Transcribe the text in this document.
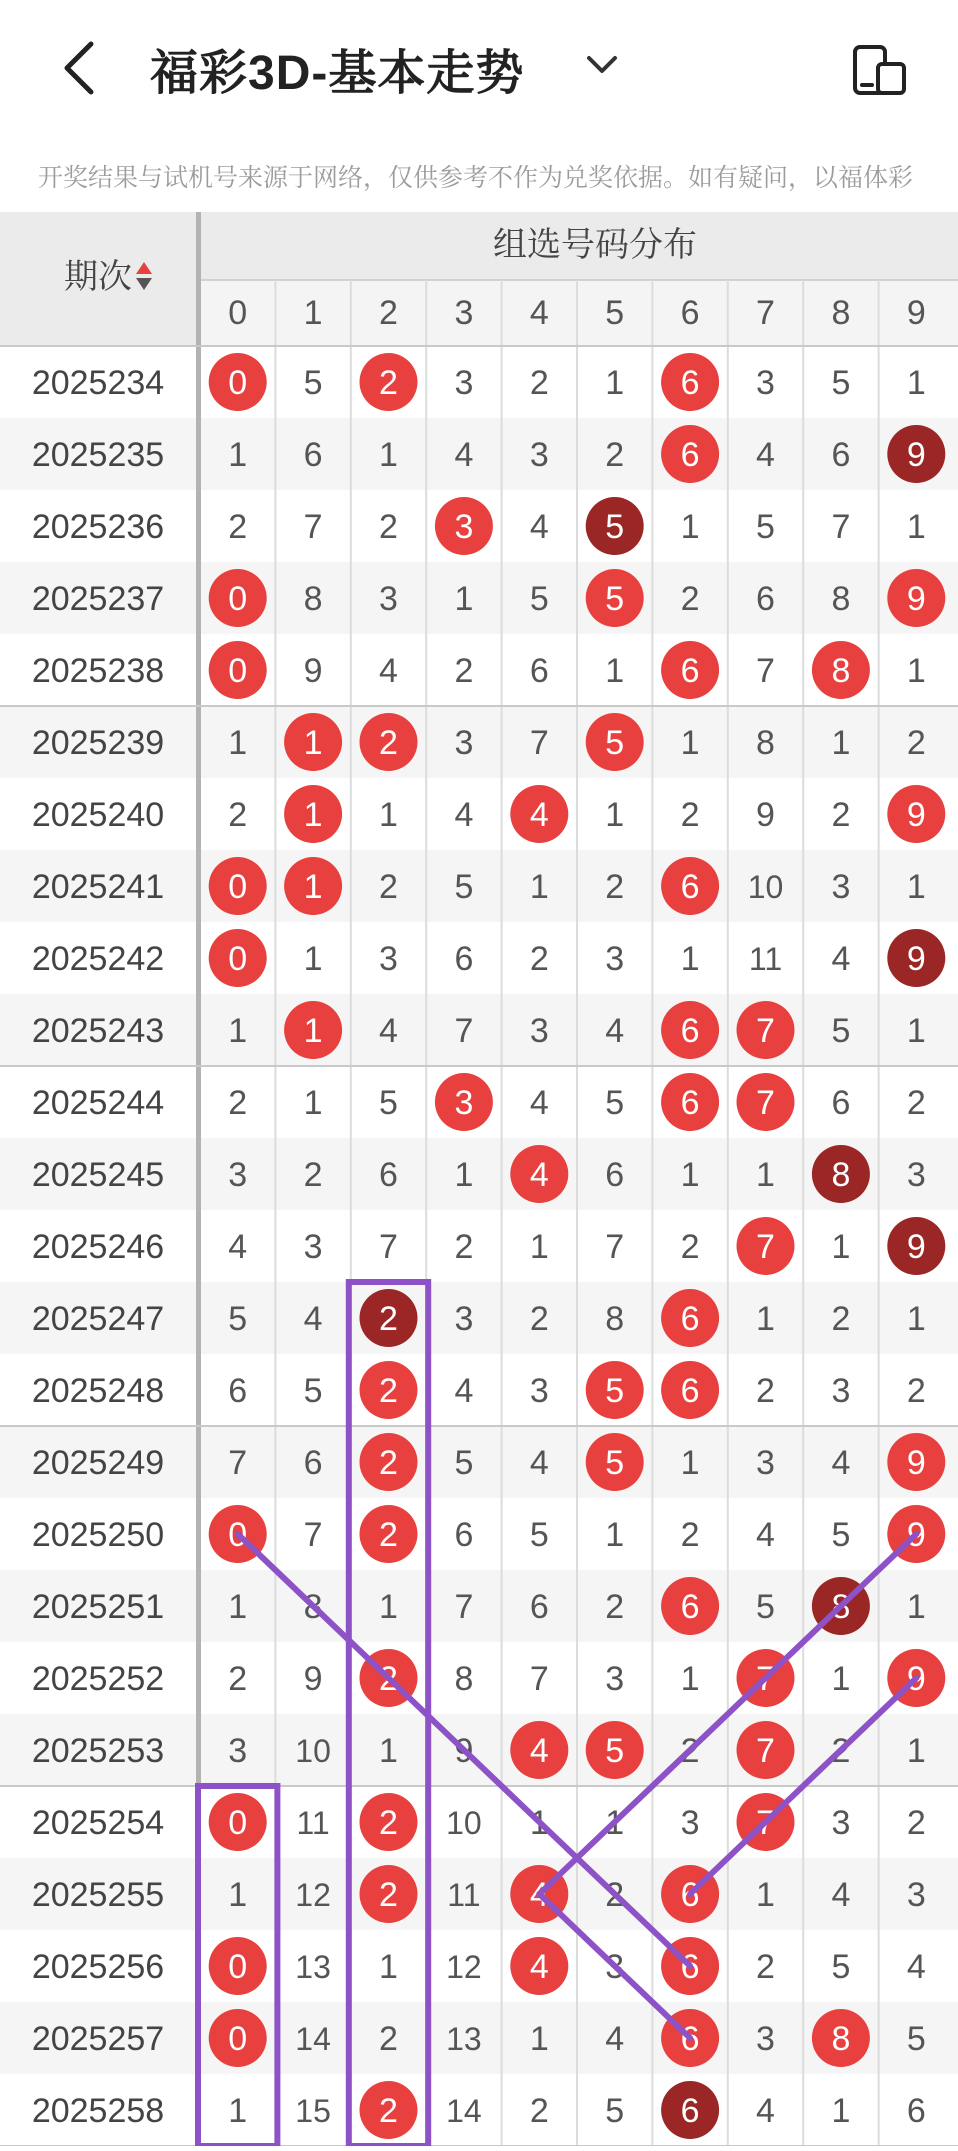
福彩3D-基本走势
开奖结果与试机号来源于网络，仅供参考不作为兑奖依据。如有疑问，以福体彩
期次
组选号码分布
0 1 2 3 4 5 6 7 8 9
2025234 0 5 2 3 2 1 6 3 5 1
2025235 1 6 1 4 3 2 6 4 6 9
2025236 2 7 2 3 4 5 1 5 7 1
2025237 0 8 3 1 5 5 2 6 8 9
2025238 0 9 4 2 6 1 6 7 8 1
2025239 1 1 2 3 7 5 1 8 1 2
2025240 2 1 1 4 4 1 2 9 2 9
2025241 0 1 2 5 1 2 6 10 3 1
2025242 0 1 3 6 2 3 1 11 4 9
2025243 1 1 4 7 3 4 6 7 5 1
2025244 2 1 5 3 4 5 6 7 6 2
2025245 3 2 6 1 4 6 1 1 8 3
2025246 4 3 7 2 1 7 2 7 1 9
2025247 5 4 2 3 2 8 6 1 2 1
2025248 6 5 2 4 3 5 6 2 3 2
2025249 7 6 2 5 4 5 1 3 4 9
2025250 0 7 2 6 5 1 2 4 5 9
2025251 1 8 1 7 6 2 6 5 8 1
2025252 2 9 2 8 7 3 1 7 1 9
2025253 3 10 1 9 4 5 2 7 2 1
2025254 0 11 2 10 1 1 3 7 3 2
2025255 1 12 2 11 4 2 6 1 4 3
2025256 0 13 1 12 4 3 6 2 5 4
2025257 0 14 2 13 1 4 6 3 8 5
2025258 1 15 2 14 2 5 6 4 1 6
